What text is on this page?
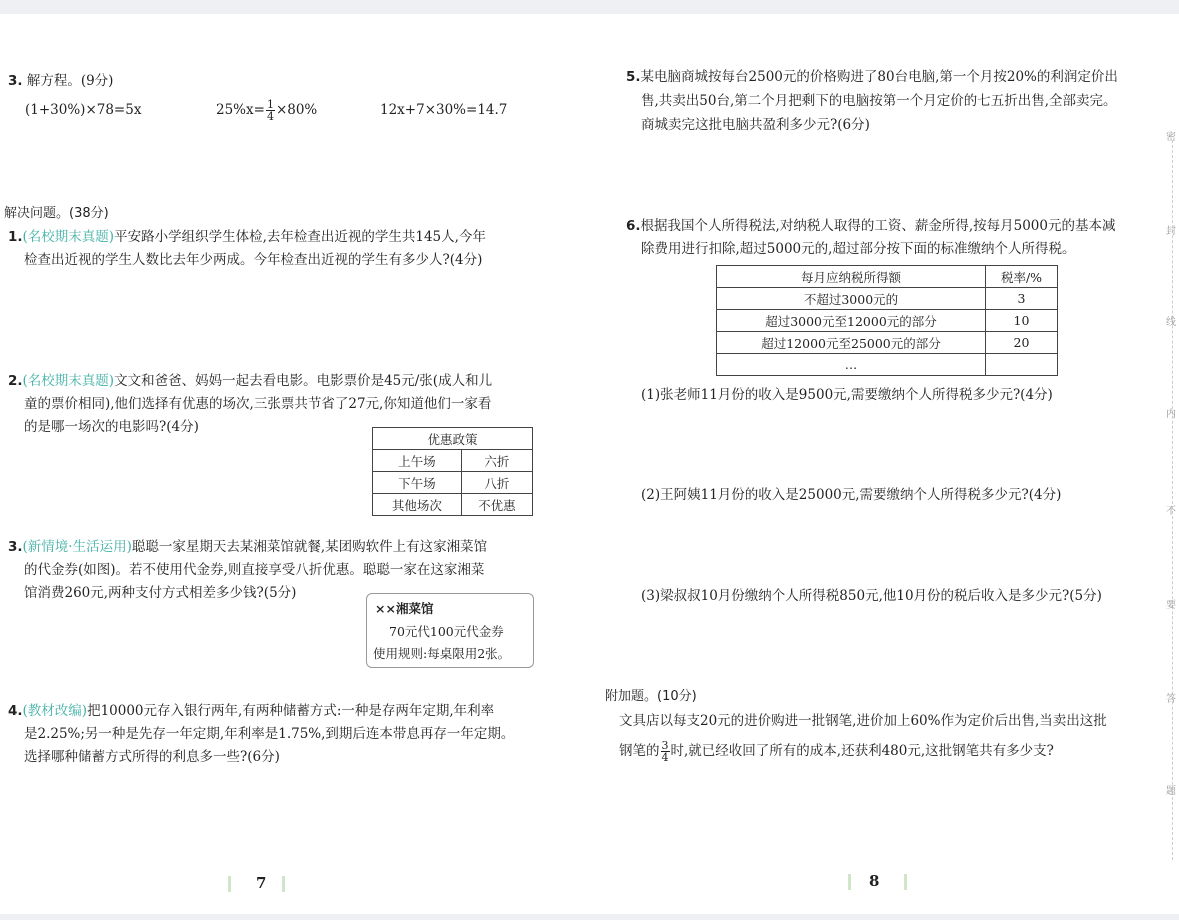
3. 解方程。(9分)
(1+30%)×78=5x	$25\%x= \frac{1}{4} \times 80\%$	12x+7×30%=14.7
解决问题。(38分)
1.(名校期末真题)平安路小学组织学生体检,去年检查出近视的学生共145人,今年
检查出近视的学生人数比去年少两成。今年检查出近视的学生有多少人?(4分)
2.(名校期末真题)文文和爸爸、妈妈一起去看电影。电影票价是45元/张(成人和儿
童的票价相同),他们选择有优惠的场次,三张票共节省了27元,你知道他们一家看
的是哪一场次的电影吗?(4分)
优惠政策	
上午场	六折
下午场	八折
其他场次	不优惠
3.(新情境·生活运用)聪聪一家星期天去某湘菜馆就餐,某团购软件上有这家湘菜馆
的代金券(如图)。若不使用代金券,则直接享受八折优惠。聪聪一家在这家湘菜
馆消费260元,两种支付方式相差多少钱?(5分)
××湘菜馆
70元代100元代金券
使用规则:每桌限用2张。
4.(教材改编)把10000元存入银行两年,有两种储蓄方式:一种是存两年定期,年利率
是2.25%;另一种是先存一年定期,年利率是1.75%,到期后连本带息再存一年定期。
选择哪种储蓄方式所得的利息多一些?(6分)
7
5.某电脑商城按每台2500元的价格购进了80台电脑,第一个月按20%的利润定价出
售,共卖出50台,第二个月把剩下的电脑按第一个月定价的七五折出售,全部卖完。
商城卖完这批电脑共盈利多少元?(6分)
6.根据我国个人所得税法,对纳税人取得的工资、薪金所得,按每月5000元的基本减
除费用进行扣除,超过5000元的,超过部分按下面的标准缴纳个人所得税。
每月应纳税所得额	税率/%
不超过3000元的	3
超过3000元至12000元的部分	10
超过12000元至25000元的部分	20
…	
(1)张老师11月份的收入是9500元,需要缴纳个人所得税多少元?(4分)
(2)王阿姨11月份的收入是25000元,需要缴纳个人所得税多少元?(4分)
(3)梁叔叔10月份缴纳个人所得税850元,他10月份的税后收入是多少元?(5分)
附加题。(10分)
文具店以每支20元的进价购进一批钢笔,进价加上60%作为定价后出售,当卖出这批
钢笔的 $\frac{3}{4}$ 时,就已经收回了所有的成本,还获利480元,这批钢笔共有多少支?
8
密
封
线
内
不
要
答
题
